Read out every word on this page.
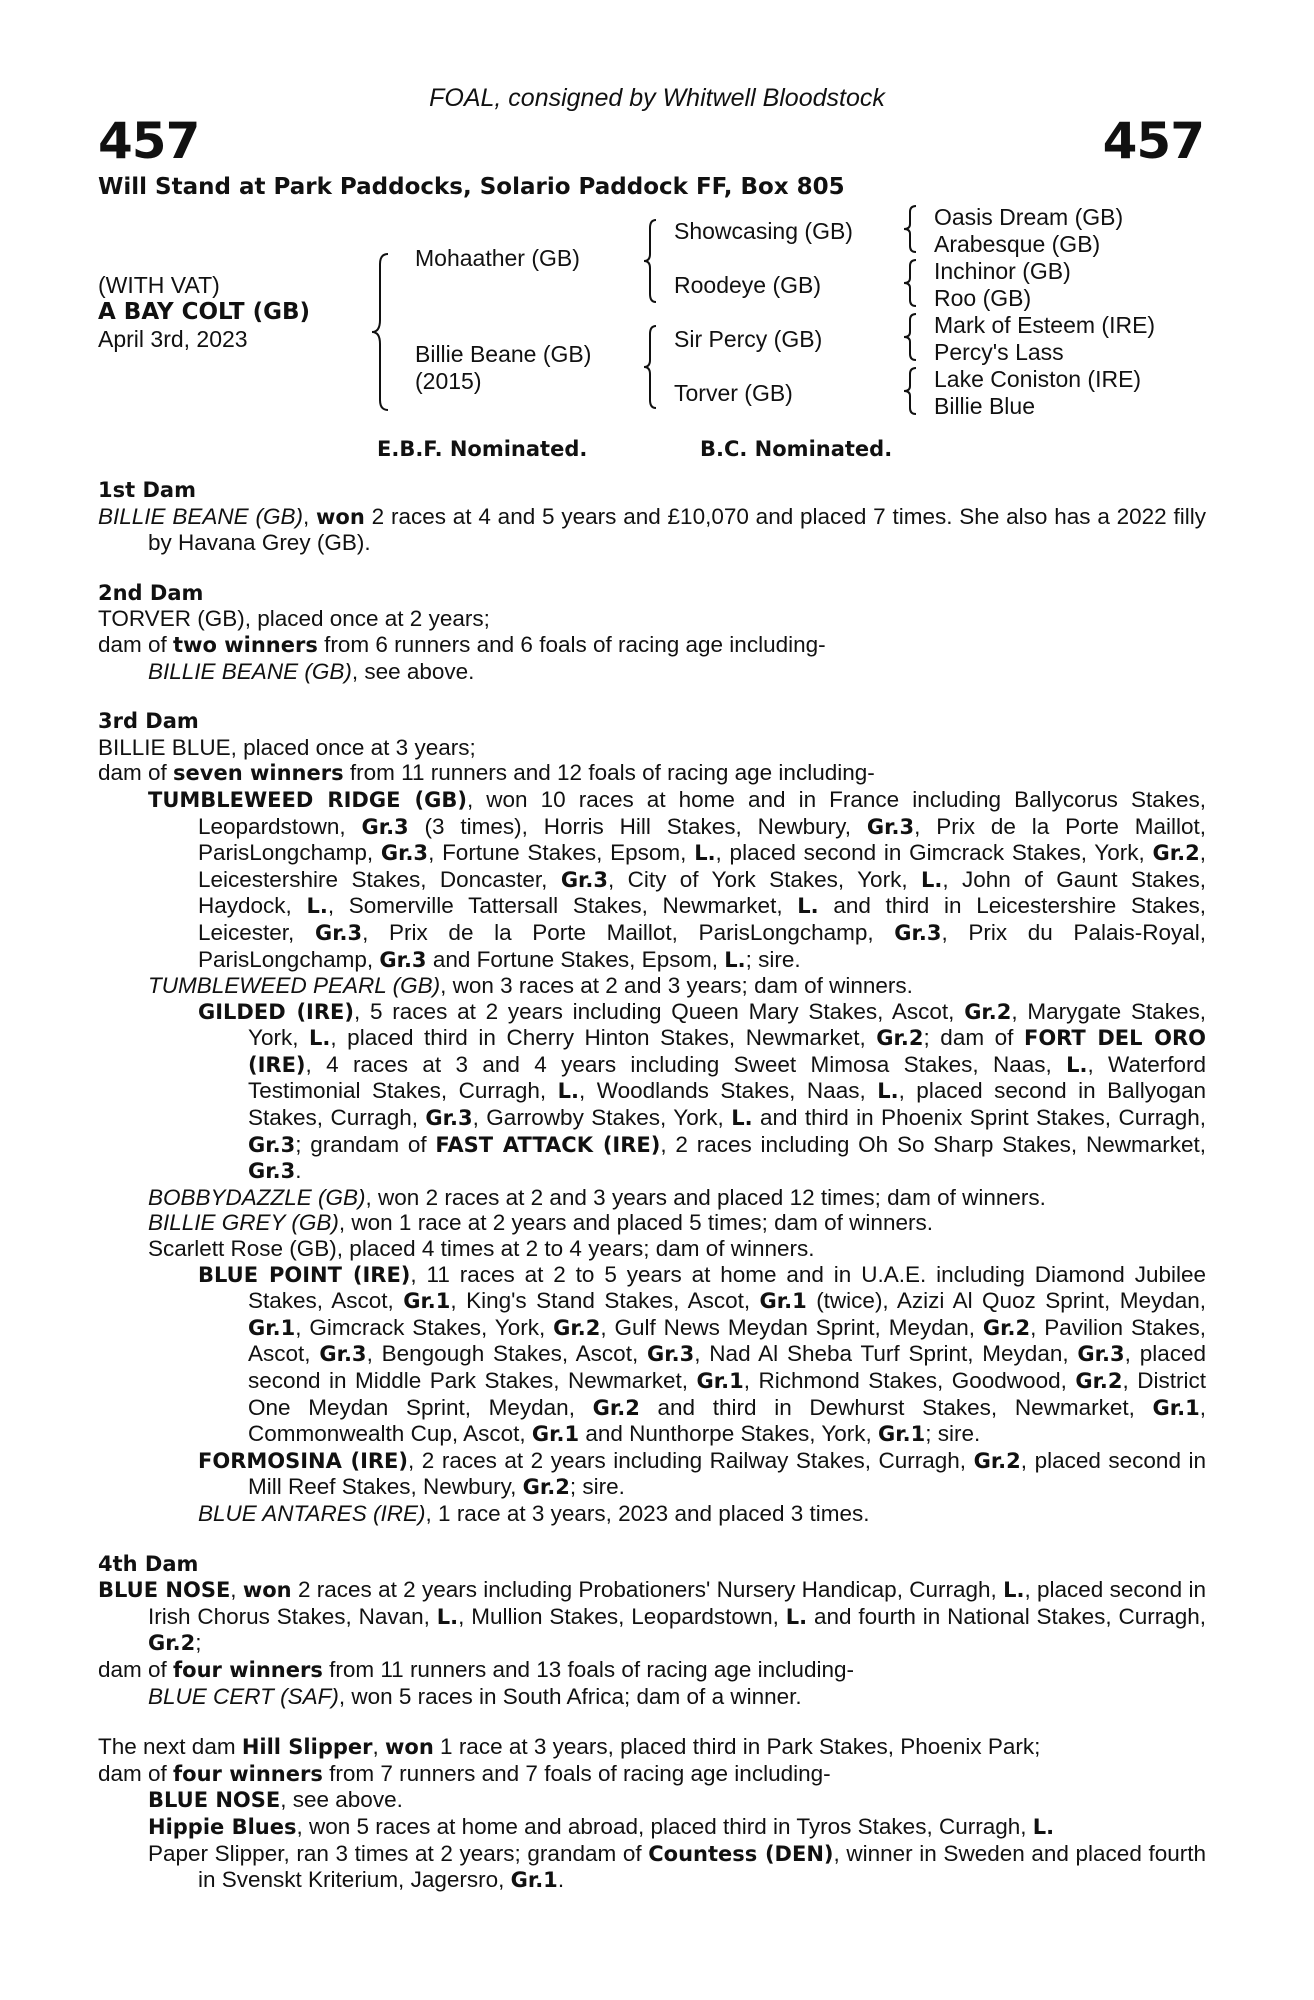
FOAL, consigned by Whitwell Bloodstock
457	457
Will Stand at Park Paddocks, Solario Paddock FF, Box 805
(WITH VAT)
A BAY COLT (GB)
April 3rd, 2023
Mohaather (GB)
Billie Beane (GB)
(2015)
Showcasing (GB)
Roodeye (GB)
Sir Percy (GB)
Torver (GB)
Oasis Dream (GB)
Arabesque (GB)
Inchinor (GB)
Roo (GB)
Mark of Esteem (IRE)
Percy's Lass
Lake Coniston (IRE)
Billie Blue
E.B.F. Nominated.	B.C. Nominated.

1st Dam

BILLIE BEANE (GB), won 2 races at 4 and 5 years and £10,070 and placed 7 times. She also has a 2022 filly by Havana Grey (GB).

2nd Dam

TORVER (GB), placed once at 2 years;

dam of two winners from 6 runners and 6 foals of racing age including-

BILLIE BEANE (GB), see above.

3rd Dam

BILLIE BLUE, placed once at 3 years;

dam of seven winners from 11 runners and 12 foals of racing age including-

TUMBLEWEED RIDGE (GB), won 10 races at home and in France including Ballycorus Stakes, Leopardstown, Gr.3 (3 times), Horris Hill Stakes, Newbury, Gr.3, Prix de la Porte Maillot, ParisLongchamp, Gr.3, Fortune Stakes, Epsom, L., placed second in Gimcrack Stakes, York, Gr.2, Leicestershire Stakes, Doncaster, Gr.3, City of York Stakes, York, L., John of Gaunt Stakes, Haydock, L., Somerville Tattersall Stakes, Newmarket, L. and third in Leicestershire Stakes, Leicester, Gr.3, Prix de la Porte Maillot, ParisLongchamp, Gr.3, Prix du Palais-Royal, ParisLongchamp, Gr.3 and Fortune Stakes, Epsom, L.; sire.

TUMBLEWEED PEARL (GB), won 3 races at 2 and 3 years; dam of winners.

GILDED (IRE), 5 races at 2 years including Queen Mary Stakes, Ascot, Gr.2, Marygate Stakes, York, L., placed third in Cherry Hinton Stakes, Newmarket, Gr.2; dam of FORT DEL ORO (IRE), 4 races at 3 and 4 years including Sweet Mimosa Stakes, Naas, L., Waterford Testimonial Stakes, Curragh, L., Woodlands Stakes, Naas, L., placed second in Ballyogan Stakes, Curragh, Gr.3, Garrowby Stakes, York, L. and third in Phoenix Sprint Stakes, Curragh, Gr.3; grandam of FAST ATTACK (IRE), 2 races including Oh So Sharp Stakes, Newmarket, Gr.3.

BOBBYDAZZLE (GB), won 2 races at 2 and 3 years and placed 12 times; dam of winners.

BILLIE GREY (GB), won 1 race at 2 years and placed 5 times; dam of winners.

Scarlett Rose (GB), placed 4 times at 2 to 4 years; dam of winners.

BLUE POINT (IRE), 11 races at 2 to 5 years at home and in U.A.E. including Diamond Jubilee Stakes, Ascot, Gr.1, King's Stand Stakes, Ascot, Gr.1 (twice), Azizi Al Quoz Sprint, Meydan, Gr.1, Gimcrack Stakes, York, Gr.2, Gulf News Meydan Sprint, Meydan, Gr.2, Pavilion Stakes, Ascot, Gr.3, Bengough Stakes, Ascot, Gr.3, Nad Al Sheba Turf Sprint, Meydan, Gr.3, placed second in Middle Park Stakes, Newmarket, Gr.1, Richmond Stakes, Goodwood, Gr.2, District One Meydan Sprint, Meydan, Gr.2 and third in Dewhurst Stakes, Newmarket, Gr.1, Commonwealth Cup, Ascot, Gr.1 and Nunthorpe Stakes, York, Gr.1; sire.

FORMOSINA (IRE), 2 races at 2 years including Railway Stakes, Curragh, Gr.2, placed second in Mill Reef Stakes, Newbury, Gr.2; sire.

BLUE ANTARES (IRE), 1 race at 3 years, 2023 and placed 3 times.

4th Dam

BLUE NOSE, won 2 races at 2 years including Probationers' Nursery Handicap, Curragh, L., placed second in Irish Chorus Stakes, Navan, L., Mullion Stakes, Leopardstown, L. and fourth in National Stakes, Curragh, Gr.2;

dam of four winners from 11 runners and 13 foals of racing age including-

BLUE CERT (SAF), won 5 races in South Africa; dam of a winner.

The next dam Hill Slipper, won 1 race at 3 years, placed third in Park Stakes, Phoenix Park;

dam of four winners from 7 runners and 7 foals of racing age including-

BLUE NOSE, see above.

Hippie Blues, won 5 races at home and abroad, placed third in Tyros Stakes, Curragh, L.

Paper Slipper, ran 3 times at 2 years; grandam of Countess (DEN), winner in Sweden and placed fourth in Svenskt Kriterium, Jagersro, Gr.1.
